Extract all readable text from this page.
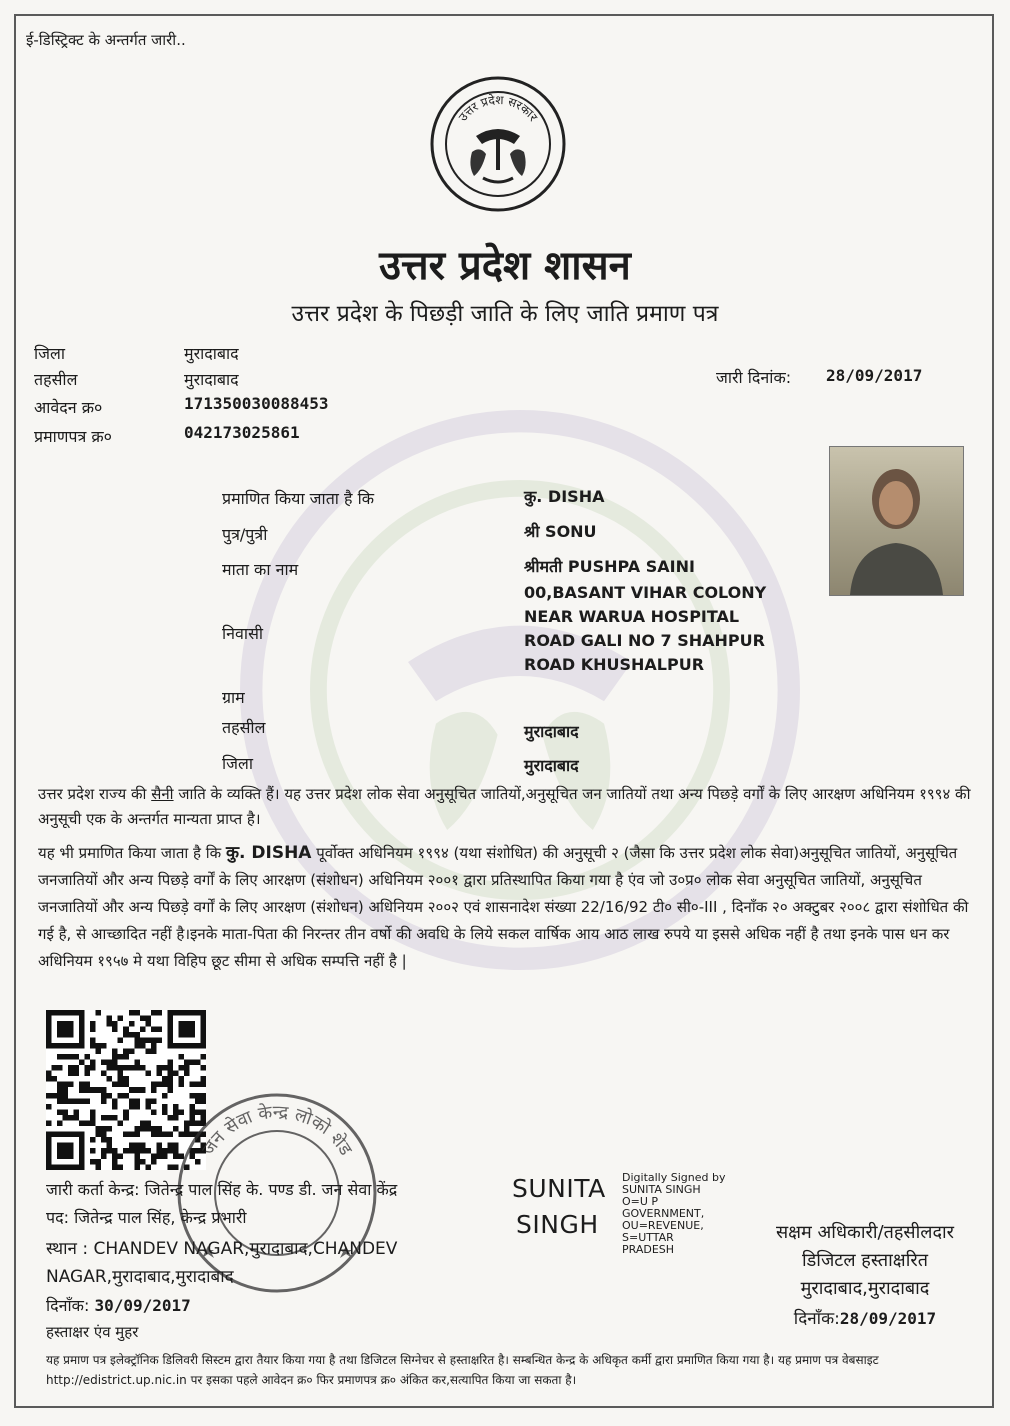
ई-डिस्ट्रिक्ट के अन्तर्गत जारी..
उत्तर प्रदेश सरकार
उत्तर प्रदेश शासन
उत्तर प्रदेश के पिछड़ी जाति के लिए जाति प्रमाण पत्र
जिला	मुरादाबाद
तहसील	मुरादाबाद
आवेदन क्र०	171350030088453
प्रमाणपत्र क्र०	042173025861
जारी दिनांक: 28/09/2017
प्रमाणित किया जाता है कि	कु. DISHA
पुत्र/पुत्री	श्री SONU
माता का नाम	श्रीमती PUSHPA SAINI
निवासी
00,BASANT VIHAR COLONY
NEAR WARUA HOSPITAL
ROAD GALI NO 7 SHAHPUR
ROAD KHUSHALPUR
ग्राम
तहसील	मुरादाबाद
जिला	मुरादाबाद
उत्तर प्रदेश राज्य की सैनी जाति के व्यक्ति हैं। यह उत्तर प्रदेश लोक सेवा अनुसूचित जातियों,अनुसूचित जन जातियों तथा अन्य पिछड़े वर्गों के लिए आरक्षण अधिनियम १९९४ की अनुसूची एक के अन्तर्गत मान्यता प्राप्त है।
यह भी प्रमाणित किया जाता है कि कु. DISHA पूर्वोक्त अधिनियम १९९४ (यथा संशोधित) की अनुसूची २ (जैसा कि उत्तर प्रदेश लोक सेवा)अनुसूचित जातियों, अनुसूचित जनजातियों और अन्य पिछड़े वर्गों के लिए आरक्षण (संशोधन) अधिनियम २००१ द्वारा प्रतिस्थापित किया गया है एंव जो उ०प्र० लोक सेवा अनुसूचित जातियों, अनुसूचित जनजातियों और अन्य पिछड़े वर्गों के लिए आरक्षण (संशोधन) अधिनियम २००२ एवं शासनादेश संख्या 22/16/92 टी० सी०-III , दिनाँक २० अक्टुबर २००८ द्वारा संशोधित की गई है, से आच्छादित नहीं है।इनके माता-पिता की निरन्तर तीन वर्षो की अवधि के लिये सकल वार्षिक आय आठ लाख रुपये या इससे अधिक नहीं है तथा इनके पास धन कर अधिनियम १९५७ मे यथा विहिप छूट सीमा से अधिक सम्पत्ति नहीं है |
जन सेवा केन्द्र लोको शेड
जारी कर्ता केन्द्र: जितेन्द्र पाल सिंह के. पण्ड डी. जन सेवा केंद्र
पद: जितेन्द्र पाल सिंह, केन्द्र प्रभारी
स्थान : CHANDEV NAGAR,मुरादाबाद,CHANDEV
NAGAR,मुरादाबाद,मुरादाबाद
दिनाँक: 30/09/2017
हस्ताक्षर एंव मुहर
SUNITA
SINGH
Digitally Signed by
SUNITA SINGH
O=U P
GOVERNMENT,
OU=REVENUE,
S=UTTAR
PRADESH
सक्षम अधिकारी/तहसीलदार
डिजिटल हस्ताक्षरित
मुरादाबाद,मुरादाबाद
दिनाँक:28/09/2017
यह प्रमाण पत्र इलेक्ट्रॉनिक डिलिवरी सिस्टम द्वारा तैयार किया गया है तथा डिजिटल सिग्नेचर से हस्ताक्षरित है। सम्बन्धित केन्द्र के अधिकृत कर्मी द्वारा प्रमाणित किया गया है। यह प्रमाण पत्र वेबसाइट http://edistrict.up.nic.in पर इसका पहले आवेदन क्र० फिर प्रमाणपत्र क्र० अंकित कर,सत्यापित किया जा सकता है।
